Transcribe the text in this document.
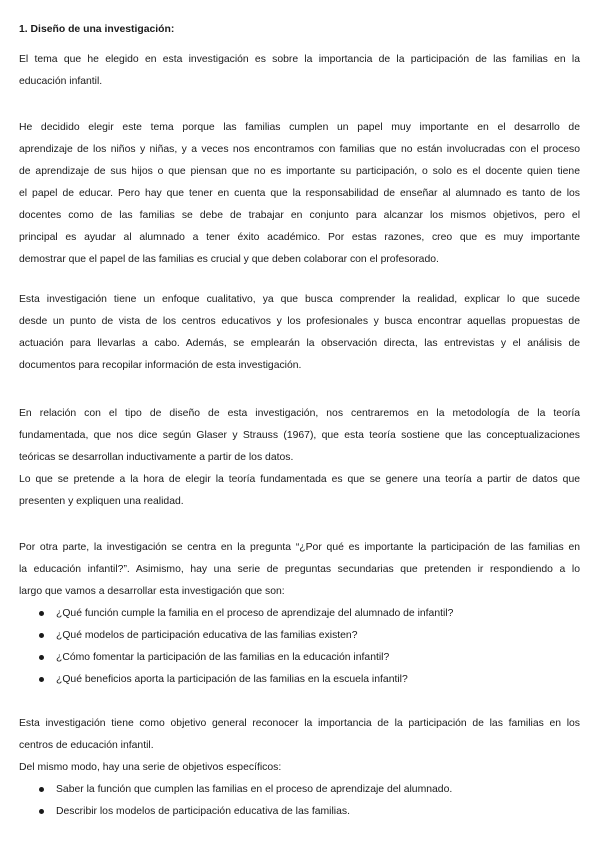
1. Diseño de una investigación:

El tema que he elegido en esta investigación es sobre la importancia de la participación de las familias en la
educación infantil.

He decidido elegir este tema porque las familias cumplen un papel muy importante en el desarrollo de
aprendizaje de los niños y niñas, y a veces nos encontramos con familias que no están involucradas con el proceso
de aprendizaje de sus hijos o que piensan que no es importante su participación, o solo es el docente quien tiene
el papel de educar. Pero hay que tener en cuenta que la responsabilidad de enseñar al alumnado es tanto de los
docentes como de las familias se debe de trabajar en conjunto para alcanzar los mismos objetivos, pero el
principal es ayudar al alumnado a tener éxito académico. Por estas razones, creo que es muy importante
demostrar que el papel de las familias es crucial y que deben colaborar con el profesorado.

Esta investigación tiene un enfoque cualitativo, ya que busca comprender la realidad, explicar lo que sucede
desde un punto de vista de los centros educativos y los profesionales y busca encontrar aquellas propuestas de
actuación para llevarlas a cabo. Además, se emplearán la observación directa, las entrevistas y el análisis de
documentos para recopilar información de esta investigación.

En relación con el tipo de diseño de esta investigación, nos centraremos en la metodología de la teoría
fundamentada, que nos dice según Glaser y Strauss (1967), que esta teoría sostiene que las conceptualizaciones
teóricas se desarrollan inductivamente a partir de los datos.

Lo que se pretende a la hora de elegir la teoría fundamentada es que se genere una teoría a partir de datos que
presenten y expliquen una realidad.

Por otra parte, la investigación se centra en la pregunta “¿Por qué es importante la participación de las familias en
la educación infantil?”. Asimismo, hay una serie de preguntas secundarias que pretenden ir respondiendo a lo
largo que vamos a desarrollar esta investigación que son:

¿Qué función cumple la familia en el proceso de aprendizaje del alumnado de infantil?
¿Qué modelos de participación educativa de las familias existen?
¿Cómo fomentar la participación de las familias en la educación infantil?
¿Qué beneficios aporta la participación de las familias en la escuela infantil?

Esta investigación tiene como objetivo general reconocer la importancia de la participación de las familias en los
centros de educación infantil.

Del mismo modo, hay una serie de objetivos específicos:

Saber la función que cumplen las familias en el proceso de aprendizaje del alumnado.
Describir los modelos de participación educativa de las familias.
